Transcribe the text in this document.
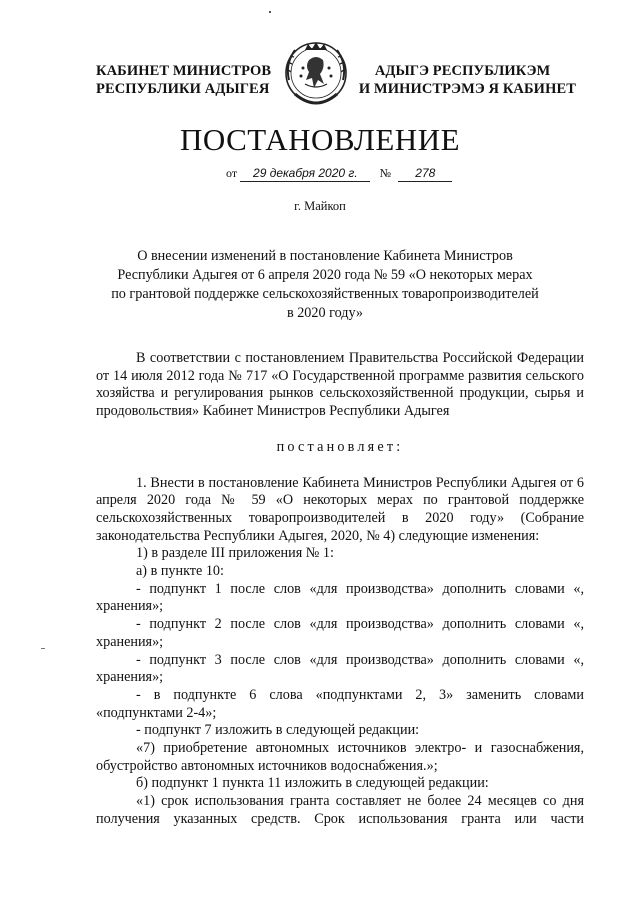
КАБИНЕТ МИНИСТРОВ
РЕСПУБЛИКИ АДЫГЕЯ
АДЫГЭ РЕСПУБЛИКЭМ
И МИНИСТРЭМЭ Я КАБИНЕТ
ПОСТАНОВЛЕНИЕ
от 29 декабря 2020 г. № 278
г. Майкоп
О внесении изменений в постановление Кабинета Министров
Республики Адыгея от 6 апреля 2020 года № 59 «О некоторых мерах
по грантовой поддержке сельскохозяйственных товаропроизводителей
в 2020 году»

В соответствии с постановлением Правительства Российской Федерации от 14 июля 2012 года № 717 «О Государственной программе развития сельского хозяйства и регулирования рынков сельскохозяйственной продукции, сырья и продовольствия» Кабинет Министров Республики Адыгея

постановляет:

1. Внести в постановление Кабинета Министров Республики Адыгея от 6 апреля 2020 года № 59 «О некоторых мерах по грантовой поддержке сельскохозяйственных товаропроизводителей в 2020 году» (Собрание законодательства Республики Адыгея, 2020, № 4) следующие изменения:

1) в разделе III приложения № 1:

а) в пункте 10:

- подпункт 1 после слов «для производства» дополнить словами «, хранения»;

- подпункт 2 после слов «для производства» дополнить словами «, хранения»;

- подпункт 3 после слов «для производства» дополнить словами «, хранения»;

- в подпункте 6 слова «подпунктами 2, 3» заменить словами «подпунктами 2-4»;

- подпункт 7 изложить в следующей редакции:

«7) приобретение автономных источников электро- и газоснабжения, обустройство автономных источников водоснабжения.»;

б) подпункт 1 пункта 11 изложить в следующей редакции:

«1) срок использования гранта составляет не более 24 месяцев со дня получения указанных средств. Срок использования гранта или части
